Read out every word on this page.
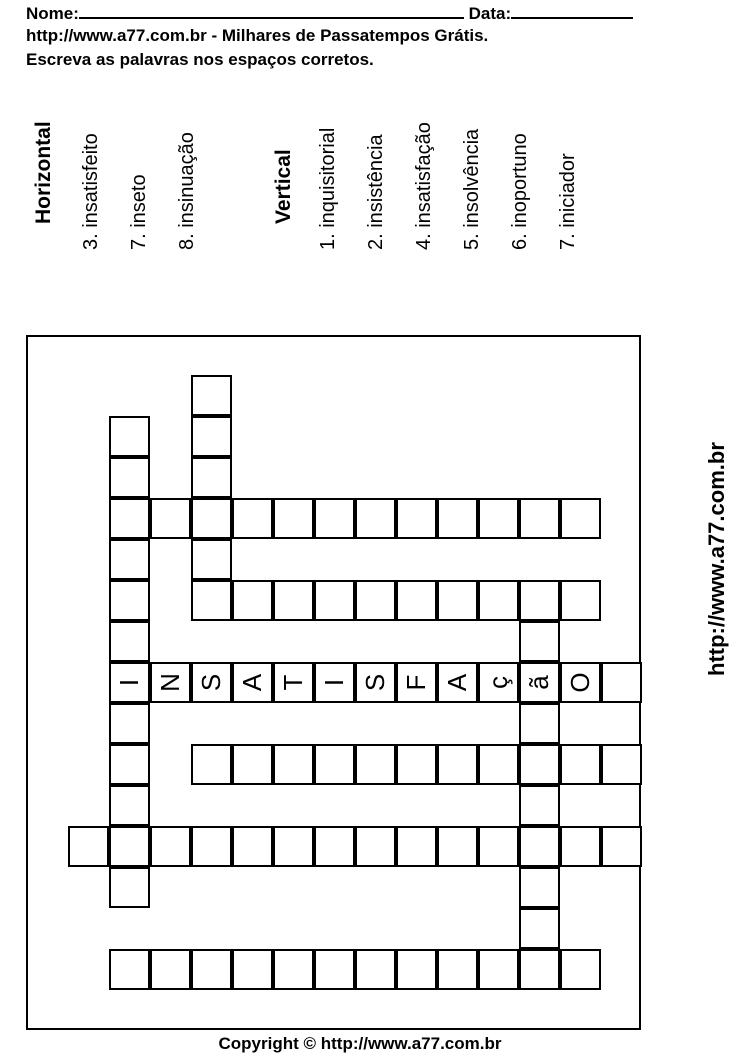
Nome:	Data:
http://www.a77.com.br - Milhares de Passatempos Grátis.
Escreva as palavras nos espaços corretos.
Horizontal 3. insatisfeito 7. inseto 8. insinuação	Vertical 1. inquisitorial 2. insistência 4. insatisfação 5. insolvência 6. inoportuno 7. iniciador
I N S A T I S F A ç ã O
http://www.a77.com.br
Copyright © http://www.a77.com.br
